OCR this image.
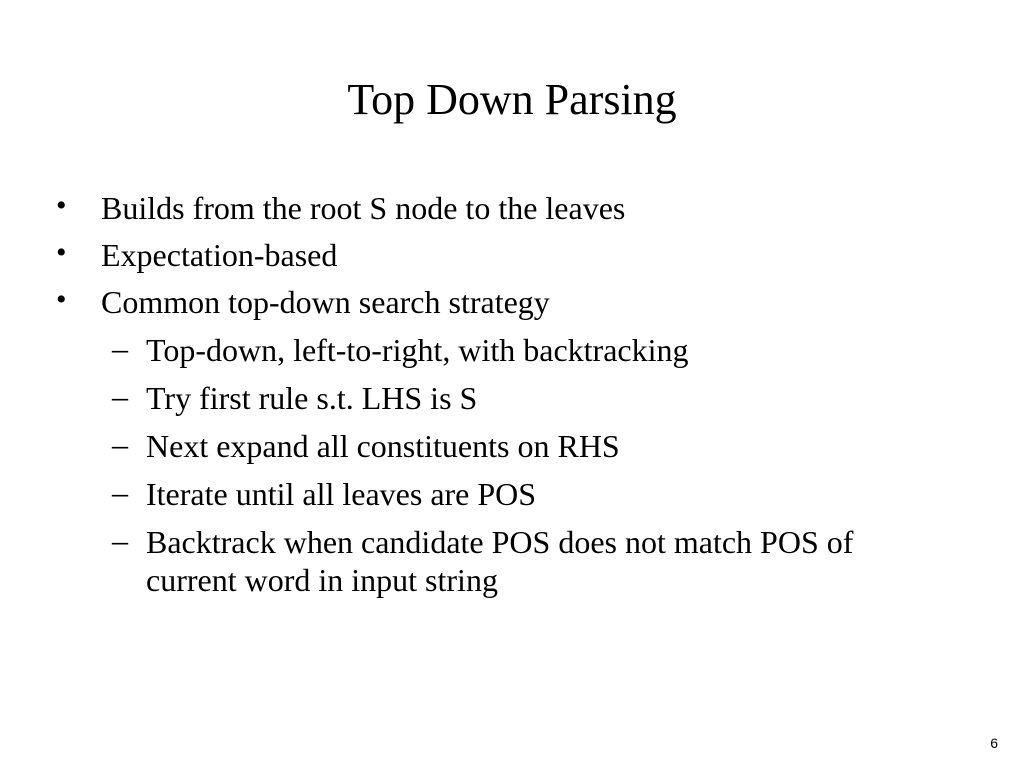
Top Down Parsing
• Builds from the root S node to the leaves
• Expectation-based
• Common top-down search strategy
– Top-down, left-to-right, with backtracking
– Try first rule s.t. LHS is S
– Next expand all constituents on RHS
– Iterate until all leaves are POS
– Backtrack when candidate POS does not match POS of current word in input string
6
